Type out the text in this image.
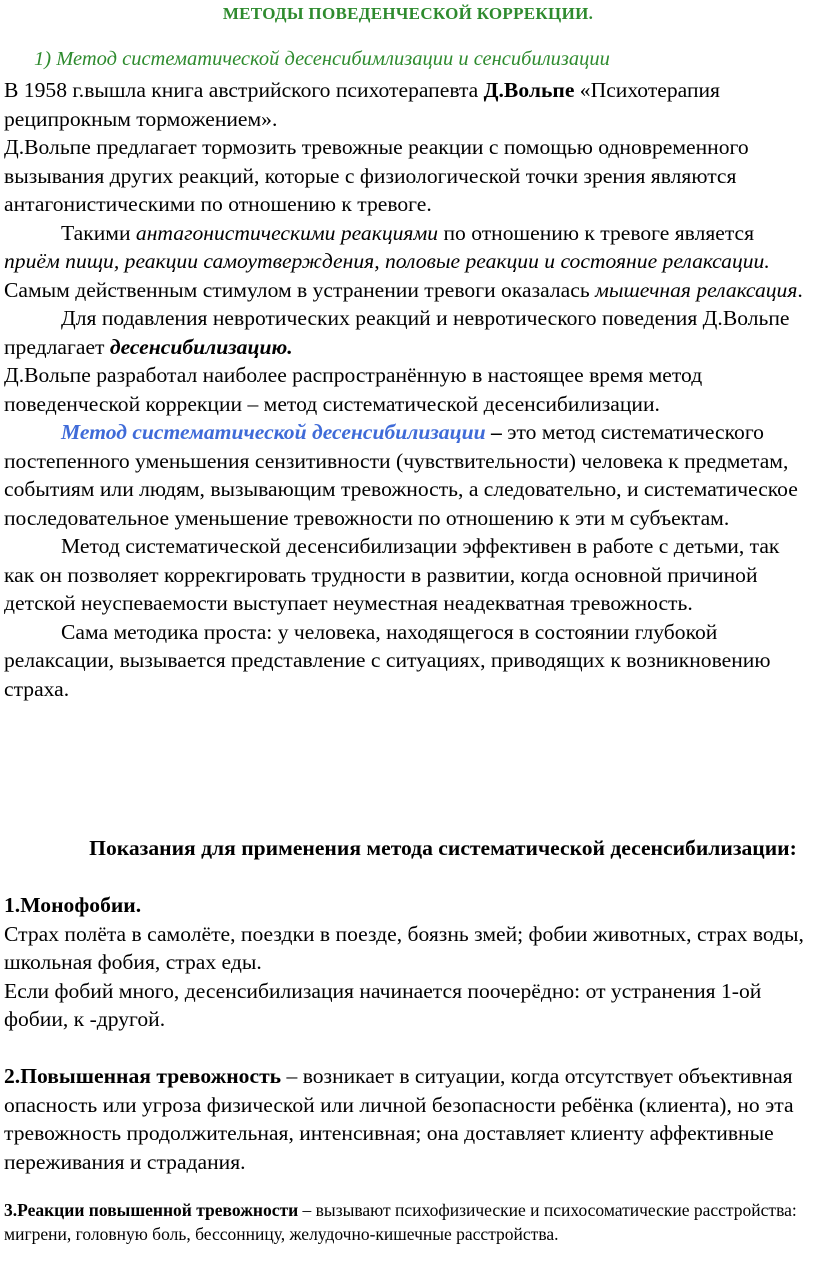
МЕТОДЫ ПОВЕДЕНЧЕСКОЙ КОРРЕКЦИИ.
1) Метод систематической десенсибимлизации и сенсибилизации

В 1958 г.вышла книга австрийского психотерапевта Д.Вольпе «Психотерапия реципрокным торможением».

Д.Вольпе предлагает тормозить тревожные реакции с помощью одновременного вызывания других реакций, которые с физиологической точки зрения являются антагонистическими по отношению к тревоге.

Такими антагонистическими реакциями по отношению к тревоге является приём пищи, реакции самоутверждения, половые реакции и состояние релаксации. Самым действенным стимулом в устранении тревоги оказалась мышечная релаксация.

Для подавления невротических реакций и невротического поведения Д.Вольпе предлагает десенсибилизацию.

Д.Вольпе разработал наиболее распространённую в настоящее время метод поведенческой коррекции – метод систематической десенсибилизации.

Метод систематической десенсибилизации – это метод систематического постепенного уменьшения сензитивности (чувствительности) человека к предметам, событиям или людям, вызывающим тревожность, а следовательно, и систематическое последовательное уменьшение тревожности по отношению к эти м субъектам.

Метод систематической десенсибилизации эффективен в работе с детьми, так как он позволяет коррекгировать трудности в развитии, когда основной причиной детской неуспеваемости выступает неуместная неадекватная тревожность.

Сама методика проста: у человека, находящегося в состоянии глубокой релаксации, вызывается представление с ситуациях, приводящих к возникновению страха.

Показания для применения метода систематической десенсибилизации:

1.Монофобии.

Страх полёта в самолёте, поездки в поезде, боязнь змей; фобии животных, страх воды, школьная фобия, страх еды.

Если фобий много, десенсибилизация начинается поочерёдно: от устранения 1-ой фобии, к -другой.

2.Повышенная тревожность – возникает в ситуации, когда отсутствует объективная опасность или угроза физической или личной безопасности ребёнка (клиента), но эта тревожность продолжительная, интенсивная; она доставляет клиенту аффективные переживания и страдания.

3.Реакции повышенной тревожности – вызывают психофизические и психосоматические расстройства: мигрени, головную боль, бессонницу, желудочно-кишечные расстройства.
